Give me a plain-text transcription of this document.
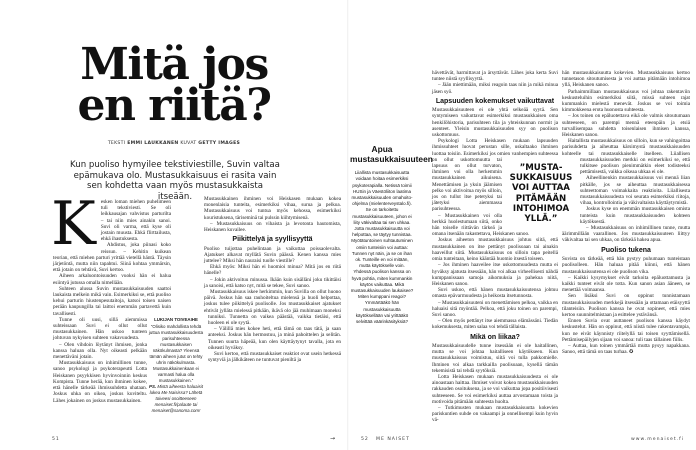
Mitä jos
en riitä?
TEKSTI EMMI LAUKKANEN KUVAT GETTY IMAGES

Kun puoliso hymyilee tekstiviestille, Suvin valtaa epämukava olo. Mustasukkaisuus ei rasita vain sen kohdetta vaan myös mustasukkaista itseään.

K esken loman miehen puhelimeen tuli tekstiviesti. Se oli leikkausajan vahvistus parturilta – tai niin mies ainakin sanoi. Suvi oli varma, että kyse oli jostain muusta. Ehkä flirttailusta, ehkä ihastuksesta.

Ahdistus, joka piinasi koko reissun. – Kehitin kuikean teorian, että miehen parturi yrittää vietellä häntä. Täysin järjetöntä, mutta niin tapahtui. Siinä kohtaa ymmärsin, että jotain on tehtävä, Suvi kertoo.

Aiheen arkaluontoisuuden vuoksi hän ei halua esiintyä jutussa omalla nimellään.

Suhteen alussa Suvin mustasukkaisuuden saattoi laukaista melkein mikä vain. Esimerkiksi se, että puoliso kehui parturin hiustenpesutaitoja, katsoi toisen naisen perään kaupungilla tai laittoi enemmän partavettä kuin tavallisesti.

Tunne oli uusi, sillä aiemmissa suhteissaan Suvi ei ollut ollut mustasukkainen. Hän uskoo tunteen johtuvan nykyisen suhteen vakavuudesta.

– Olen vihdoin löytänyt ihmisen, jonka kanssa haluan olla. Nyt oikeasti pelkään menettäväni jotain.

Mustasukkaisuus on inhimillinen tunne, sanoo psykologi ja psykoterapeutti Lotta Heiskanen psyykkisen hyvinvoinnin keskus Kompista. Tunne herää, kun ihminen kokee, että hänelle tärkeää ihmissuhdetta uhataan. Joskus uhka on oikea, joskus kuviteltu. Lähes jokainen on joskus mustasukkainen.

LUKIJAN TOIVEAIHE
”Olisiko mahdollista tehdä juttua mustasukkaisuudesta parisuhteessa mustasukkaisen näkökulmasta? Yleensä tämän aiheen jutut on tehty uhrin näkökulmasta. Mustasukkainenkaan ei varmasti halua olla mustasukkainen.”
PS. Mistä aiheesta haluaisit lukea Me Naisissa? Lähetä toiveesi osoitteeseen menaiset.fi/palaute tai menaiset@sanoma.com!

Mustasukkainen ihminen voi Heiskasen mukaan kokea monenlaisia tunteita, esimerkiksi vihaa, surua ja pelkoa. Mustasukkaisuus voi tuntua myös kehossa, esimerkiksi kouristuksena, täriseminä tai pulssin kiihtymisenä.

– Mustasukkaisuus on vihaista ja levotonta hautomista, Heiskanen kuvailee.

Piikittelyä ja syyllisyyttä

Puoliso tuijottaa puhelintaan ja vaikuttaa poissaolevalta. Ajatukset alkavat myllätä Suvin päässä. Kenen kanssa mies juttelee? Miksi hän nauraisi tuolle viestille?

Ehkä myös: Miksi hän ei huomioi minua? Mitä jos en riitä hänelle?

– Jokin aktivoituu minussa. Ikään kuin sisälläni joku tikittäisi ja sanoisi, että katso nyt, mitä se tekee, Suvi sanoo.

Mustasukkaisuus iskee herkimmin, kun Suvilla on ollut huono päivä. Joskus hän saa rauhoiteltua mielensä ja huoli helpottaa, joskus tulee piikittelyä puolisolle. Jos mustasukkaiset ajatukset ehtivät jylläta mielessä pitkään, ikävä olo jää muhimaan moneksi tunniksi. Tunnetta on vaikea päästää, vaikka tietäisi, että huoleen ei ole syytä.

– Välillä mies kokee heti, että tämä on taas tätä, ja saan anteeksi. Joskus hän hermostuu, ja minä pahoittelen ja selitän. Tunnen suurta häpeää, kun olen käyttäytynyt tavalla, jota en oikeasti hyväksy.

Suvi kertoo, että mustasukkaiset reaktiot ovat usein hetkessä syntyviä ja jälkikäteen ne tuntuvat pieniltä ja

→
51
Apua mustasukkaisuuteen
Liiallista mustasukkaisuutta voidaan hoitaa esimerkiksi psykoterapialla. Netissä toimii HUSin ja Väestöliiton laatima mustasukkaisuuden omahoito-ohjelma (mielenterveystalo.fi). Se on tarkoitettu mustasukkaisuuteen, johon ei liity väkivaltaa tai sen uhkaa. Jotta mustasukkaisuutta voi helpottaa, se täytyy tunnistaa. Myötätuntoinen suhtautuminen omiin tunteisiin voi auttaa: Tunnen nyt näin, ja se on ihan ok. Tunteille en voi mitään, mutta käytökselle voin. Yhdessä puolison kanssa on hyvä pohtia, miten kummankin käytös vaikuttaa. Mikä mustasukkaisuuden laukaisee? Miten kumppani reagoi? Ymmärtääkö hän mustasukkaisuutta käytöksellään vai yrittääkö selvittää väärinkäsityksiä?

hävettävät, harmittavat ja ärsyttävät. Lähes joka kerta Suvi tuntee niistä syyllisyyttä.

– Jään miettimään, miksi reagoin taas niin ja mikä minua jäsen syö.

Lapsuuden kokemukset vaikuttavat

Mustasukkaisuuteen ei ole yhtä selkeää syytä. Sen syntymiseen vaikuttavat esimerkiksi mustasukkaisen oma henkilöhistoria, parisuhteen tila ja yhteiskunnan normit ja asenteet. Yleisin mustasukkaisuuden syy on puolison uskottomuus.

Psykologi Lotta Heiskasen mukaan lapsuuden ihmissuhteet luovat perustan sille, uskaltaako ihminen luottaa toisiin. Esimerkiksi jos omien vanhempien suhteessa on ollut uskottomuutta tai lapsuus on ollut turvaton, ihminen voi olla herkemmin mustasukkainen aikuisena. Menettämisen ja yksin jäämisen pelko voi aktivoitua myös silloin, jos on tullut itse petetyksi tai jätetyksi aiemmassa parisuhteessa.

– Mustasukkainen voi olla herkkä huolestumaan siitä, onko hän toiselle riittävän tärkeä ja omana itsenään rakastettava, Heiskanen sanoo.

Joskus aiheeton mustasukkaisuus johtuu siitä, että mustasukkainen on itse pettänyt puolisoaan tai ainakin haaveillut siitä. Mustasukkaisuus on silloin tapa peitellä omia tunteitaan, keino kääntää huomio itsestä toiseen.

– Jos ihminen haaveilee itse uskottomuudesta mutta ei hyväksy ajatusta itsessään, hän voi alkaa virheellisesti nähdä kumppanissaan samoja aikomuksia ja pahekua niitä, Heiskanen sanoo.

Suvi uskoo, että hänen mustasukkaisuutensa johtuu omasta epävarmuudesta ja heikosta itsetunnosta.

– Mustasukkaisuuteni on menettämisen pelkoa, vaikka en haluaisi sitä myöntää. Pelkoa, että joku toinen on parempi, Suvi sanoo.

– Olen myös pettänyt itse aiemmassa elämässäni. Tiedän kokemuksesta, miten salaa voi tehdä tällaista.

Mikä on liikaa?

Mustasukkaisuudelle tunne itsessään ei ole haitallinen, mutta se voi johtaa haitalliseen käytökseen. Kun mustasukkaisuus voimistuu, siitä voi tulla pakkomielle. Ihminen voi alkaa tarkkailla puolisoaan, kysellä tämän tekemisistä tai tehdä syytöksiä.

Lotta Heiskasen mukaan mustasukkaisuudesta ei ole ainoastaan haittaa. Ihmiset voivat kokea mustasukkaisuuden rakkauden osoituksena, ja se voi vaikuttaa jopa positiivisesti suhteeseen. Se voi esimerkiksi auttaa arvostamaan toista ja motivoida pitämään suhteesta huolta.

– Tutkimusten mukaan mustasukkaisuutta kokevien pariskuntien suhde on vakaampi ja onnellisempi kuin hyvin vä-

”MUSTA-SUKKAISUUS VOI AUTTAA PITÄMÄÄN INTOHIMOA YLLÄ.”

hän mustasukkaisuutta kokevien. Mustasukkaisuus kertoo tunnetason sitoutumisesta ja voi auttaa pitämään intohimoa yllä, Heiskanen sanoo.

Parhaimmillaan mustasukkaisuus voi johtaa rakentaviin keskusteluihin esimerkiksi siitä, missä suhteen rajat kummankin mielestä menevät. Joskus se voi toimia kimmokkeena erota huonosta suhteesta.

– Jos toinen on epäluotettava eikä ole valmis sitoutumaan suhteeseen, on parempi mennä eteenpäin ja etsiä turvallisempaa suhdetta toisenlaisen ihmisen kanssa, Heiskanen sanoo.

Haitallista mustasukkaisuus on silloin, kun se vahingoittaa parisuhdetta ja aiheuttaa kärsimystä mustasukkaisuuden kohteelle tai mustasukkaiselle itselleen. Liiallisen mustasukkaisuuden merkki on esimerkiksi se, että tulkitsee puolison pienimmätkin eleet todisteeksi pettämisestä, vaikka oikeaa uhkaa ei ole.

Aiheellinenkin mustasukkaisuus voi mennä liian pitkälle, jos se aiheuttaa mustasukkaisessa suhteettoman voimakkaita reaktioita. Liiallisesta mustasukkaisuudesta voi seurata esimerkiksi riitoja, vihaa, kontrollointia ja väkivaltaista käyttäytymistä.

Joskus kyse on enemmän mustasukkaisen omista tunteista kuin mustasukkaisuuden kohteen käytöksestä.

– Mustasukkaisuus on inhimillinen tunne, mutta äärimmillään vaarallinen. Jos mustasukkaisuuteen liittyy väkivaltaa tai sen uhkaa, on tärkeää hakea apua.

Puoliso tukena

Suvista on tärkeää, että hän pystyy puhumaan tunteistaan puolisolleen. Hän haluaa pitää kiinni, että hänen mustasukkaisuutensa ei ole puolison vika.

– Kaikki kysymykset eivät tarkoita epäluottamusta ja kaikki tunteet eivät ole totta. Kun sanon asian ääneen, se menettää voimaansa.

Sen lisäksi Suvi on oppinut tunnistamaan mustasukkaisuuden merkkejä itsessään ja ottamaan etäisyyttä tilanteisiin. Puolison kanssa he ovat sopineet, että mies kertoo suunnitelmistaan ja esittelee ystävänsä.

Ennen Suvia ovat auttaneet puolison kanssa käydyt keskustelut. Hän on oppinut, että niistä tulee rakentavampia, kun ne eivät käynnisty riitelyllä tai toisen syyttämisellä. Pettämisepäilyjen sijaan voi sanoa: tuli taas tällainen fiilis.

– Auttaa, kun toinen ymmärtää mutta pysyy napakkana. Sanoo, että tämä on taas turhaa. ✪

52 ME NAISET	www.menaiset.fi
